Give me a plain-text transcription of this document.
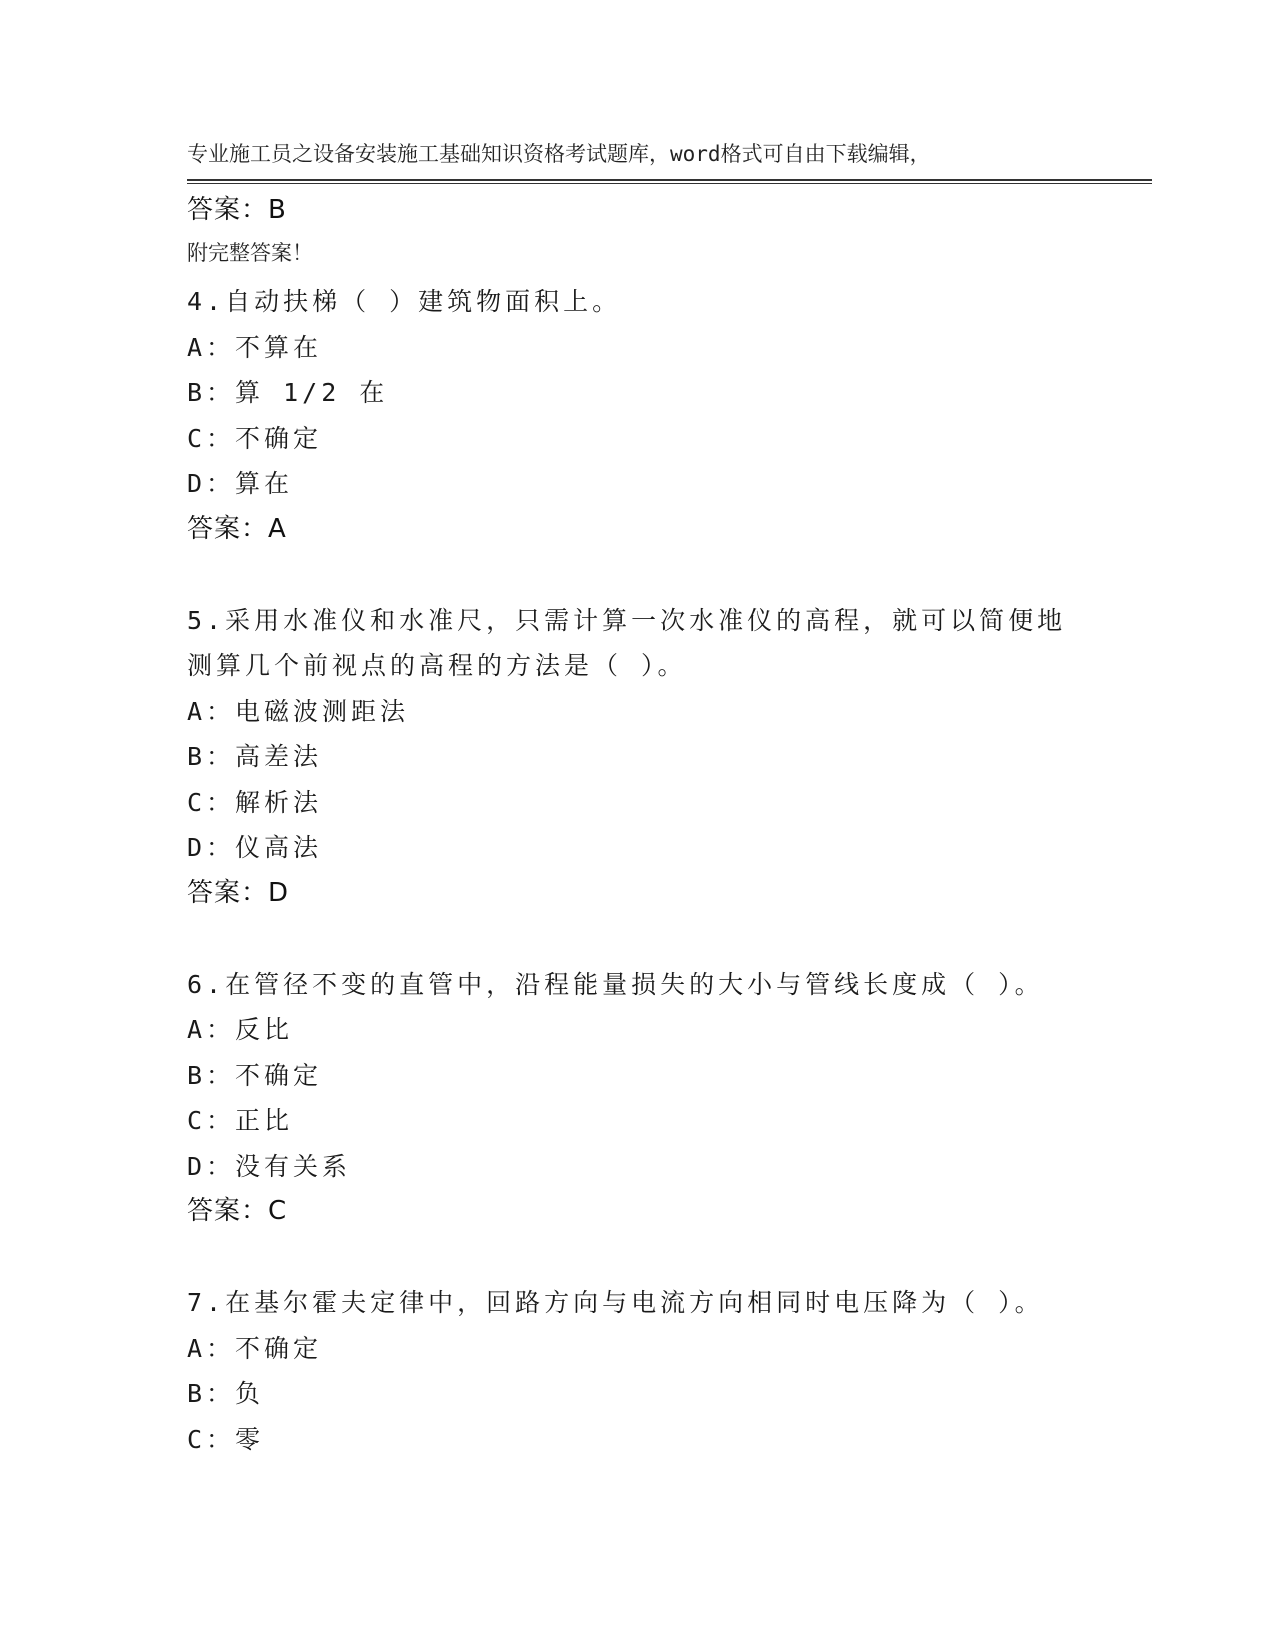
专业施工员之设备安装施工基础知识资格考试题库，word格式可自由下载编辑，

附完整答案！

答案：B
4.自动扶梯（ ）建筑物面积上。
A：不算在
B：算 1/2 在
C：不确定
D：算在
答案：A
5.采用水准仪和水准尺，只需计算一次水准仪的高程，就可以简便地
测算几个前视点的高程的方法是（ ）。
A：电磁波测距法
B：高差法
C：解析法
D：仪高法
答案：D
6.在管径不变的直管中，沿程能量损失的大小与管线长度成（ ）。
A：反比
B：不确定
C：正比
D：没有关系
答案：C
7.在基尔霍夫定律中，回路方向与电流方向相同时电压降为（ ）。
A：不确定
B：负
C：零
